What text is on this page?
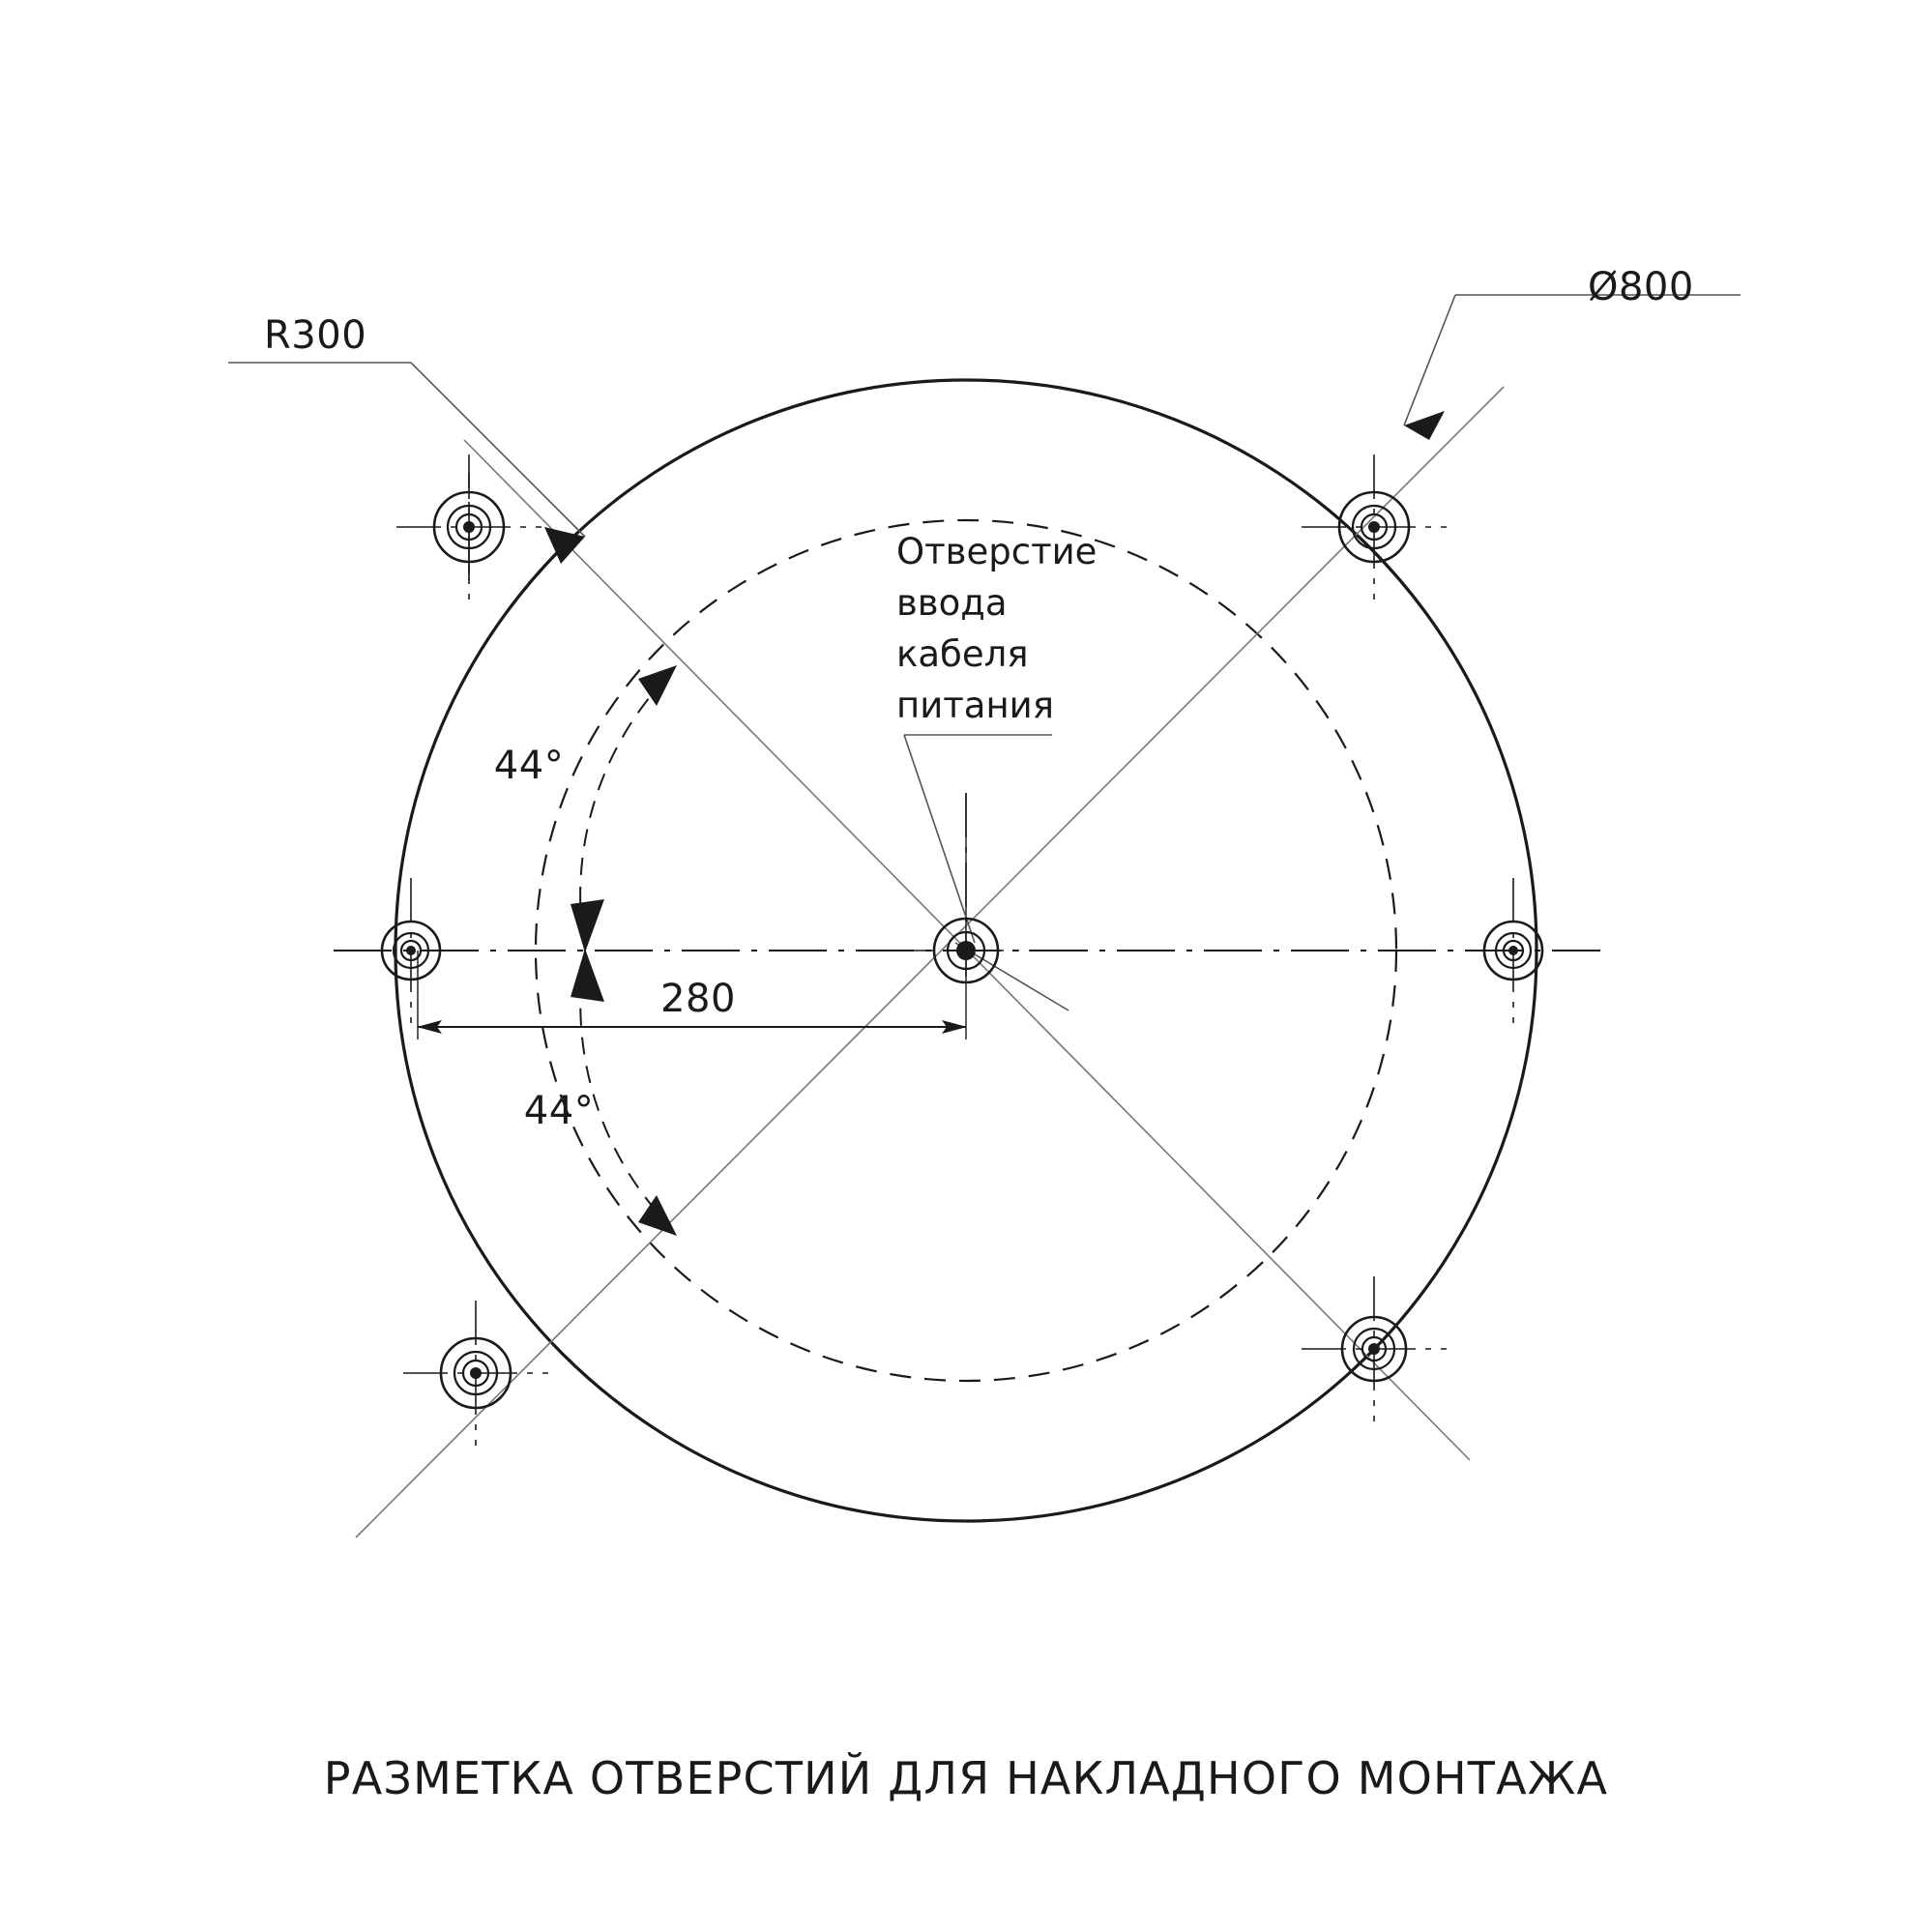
Ø800
R300
44°
44°
280
Отверстие
ввода
кабеля
питания
РАЗМЕТКА ОТВЕРСТИЙ ДЛЯ НАКЛАДНОГО МОНТАЖА
